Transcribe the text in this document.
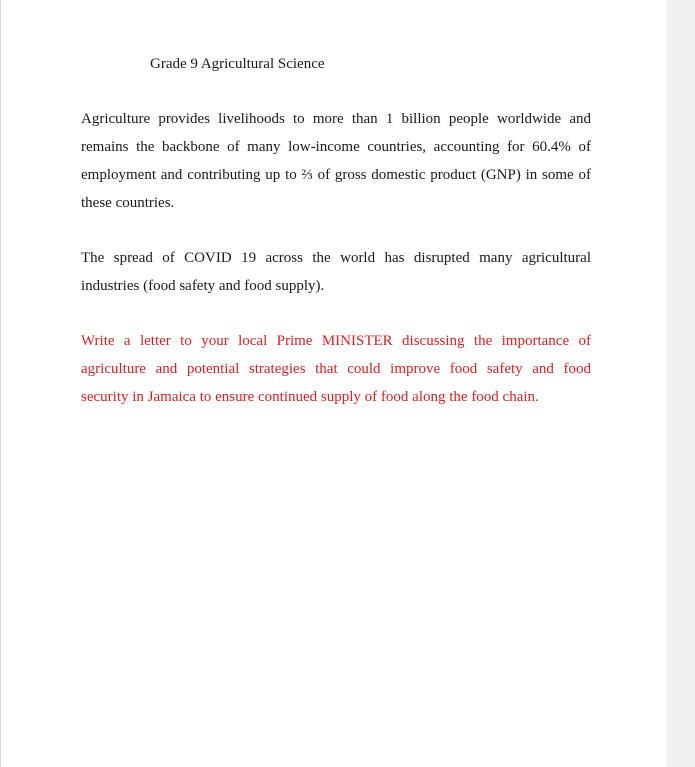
Grade 9 Agricultural Science

Agriculture provides livelihoods to more than 1 billion people worldwide and
remains the backbone of many low-income countries, accounting for 60.4% of
employment and contributing up to ⅔ of gross domestic product (GNP) in some of
these countries.

The spread of COVID 19 across the world has disrupted many agricultural
industries (food safety and food supply).

Write a letter to your local Prime MINISTER discussing the importance of
agriculture and potential strategies that could improve food safety and food
security in Jamaica to ensure continued supply of food along the food chain.
